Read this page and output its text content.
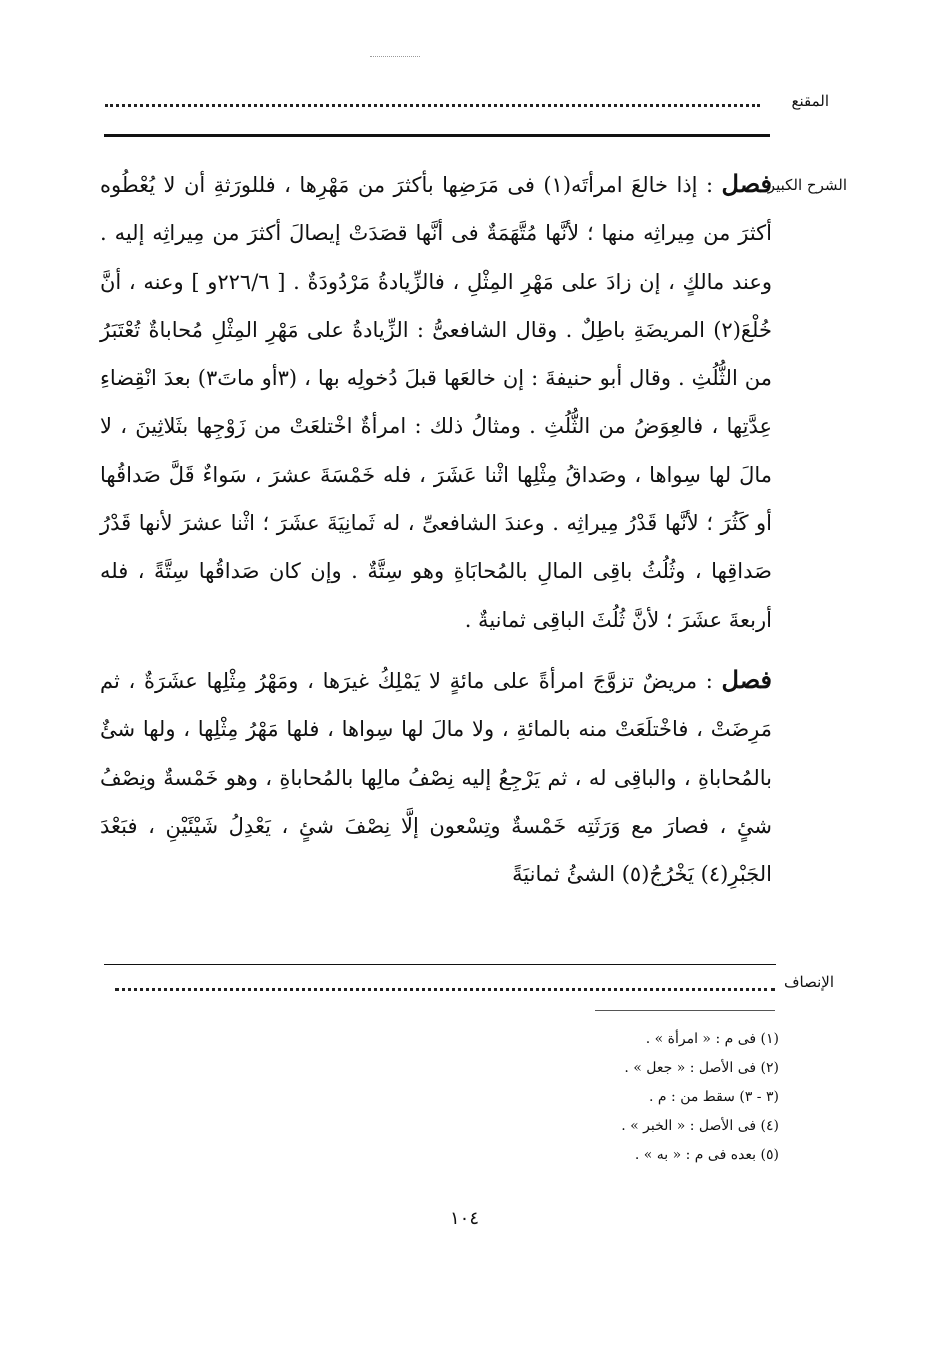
المقنع
الشرح الكبير

فصل : إذا خالعَ امرأتَه(١) فى مَرَضِها بأكثرَ من مَهْرِها ، فللورَثةِ أن لا يُعْطُوه أكثرَ من مِيراثِه منها ؛ لأنَّها مُتَّهَمَةٌ فى أنَّها قصَدَتْ إيصالَ أكثرَ من مِيراثِه إليه . وعند مالكٍ ، إن زادَ على مَهْرِ المِثْلِ ، فالزِّيادةُ مَرْدُودَةٌ . [ ٢٢٦/٦و ] وعنه ، أنَّ خُلْعَ(٢) المريضَةِ باطِلٌ . وقال الشافعىُّ : الزِّيادةُ على مَهْرِ المِثْلِ مُحاباةٌ تُعْتَبَرُ من الثُّلُثِ . وقال أبو حنيفةَ : إن خالعَها قبلَ دُخولِه بها ، (٣أو ماتَ٣) بعدَ انْقِضاءِ عِدَّتِها ، فالعِوَضُ من الثُّلُثِ . ومثالُ ذلك : امرأةٌ اخْتلعَتْ من زَوْجِها بثَلاثِينَ ، لا مالَ لها سِواها ، وصَداقُ مِثْلِها اثْنا عَشَرَ ، فله خَمْسَةَ عشرَ ، سَواءٌ قَلَّ صَداقُها أو كَثُرَ ؛ لأنَّها قَدْرُ مِيراثِه . وعندَ الشافعىِّ ، له ثَمانِيَةَ عشَرَ ؛ اثْنا عشرَ لأنها قَدْرُ صَداقِها ، وثُلُثُ باقِى المالِ بالمُحابَاةِ وهو سِتَّةٌ . وإن كان صَداقُها سِتَّةً ، فله أربعةَ عشَرَ ؛ لأنَّ ثُلُثَ الباقِى ثمانيةٌ .

فصل : مريضٌ تزوَّجَ امرأةً على مائةٍ لا يَمْلِكُ غيرَها ، ومَهْرُ مِثْلِها عشَرَةٌ ، ثم مَرِضَتْ ، فاخْتلَعَتْ منه بالمائةِ ، ولا مالَ لها سِواها ، فلها مَهْرُ مِثْلِها ، ولها شئٌ بالمُحاباةِ ، والباقِى له ، ثم يَرْجِعُ إليه نِصْفُ مالِها بالمُحاباةِ ، وهو خَمْسةٌ ونِصْفُ شئٍ ، فصارَ مع وَرَثَتِه خَمْسةٌ وتِسْعون إلَّا نِصْفَ شئٍ ، يَعْدِلُ شَيْئَيْنِ ، فبَعْدَ الجَبْرِ(٤) يَخْرُجُ(٥) الشئُ ثمانيَةً

الإنصاف
(١) فى م : « امرأة » .
(٢) فى الأصل : « جعل » .
(٣ - ٣) سقط من : م .
(٤) فى الأصل : « الخبر » .
(٥) بعده فى م : « به » .
١٠٤
